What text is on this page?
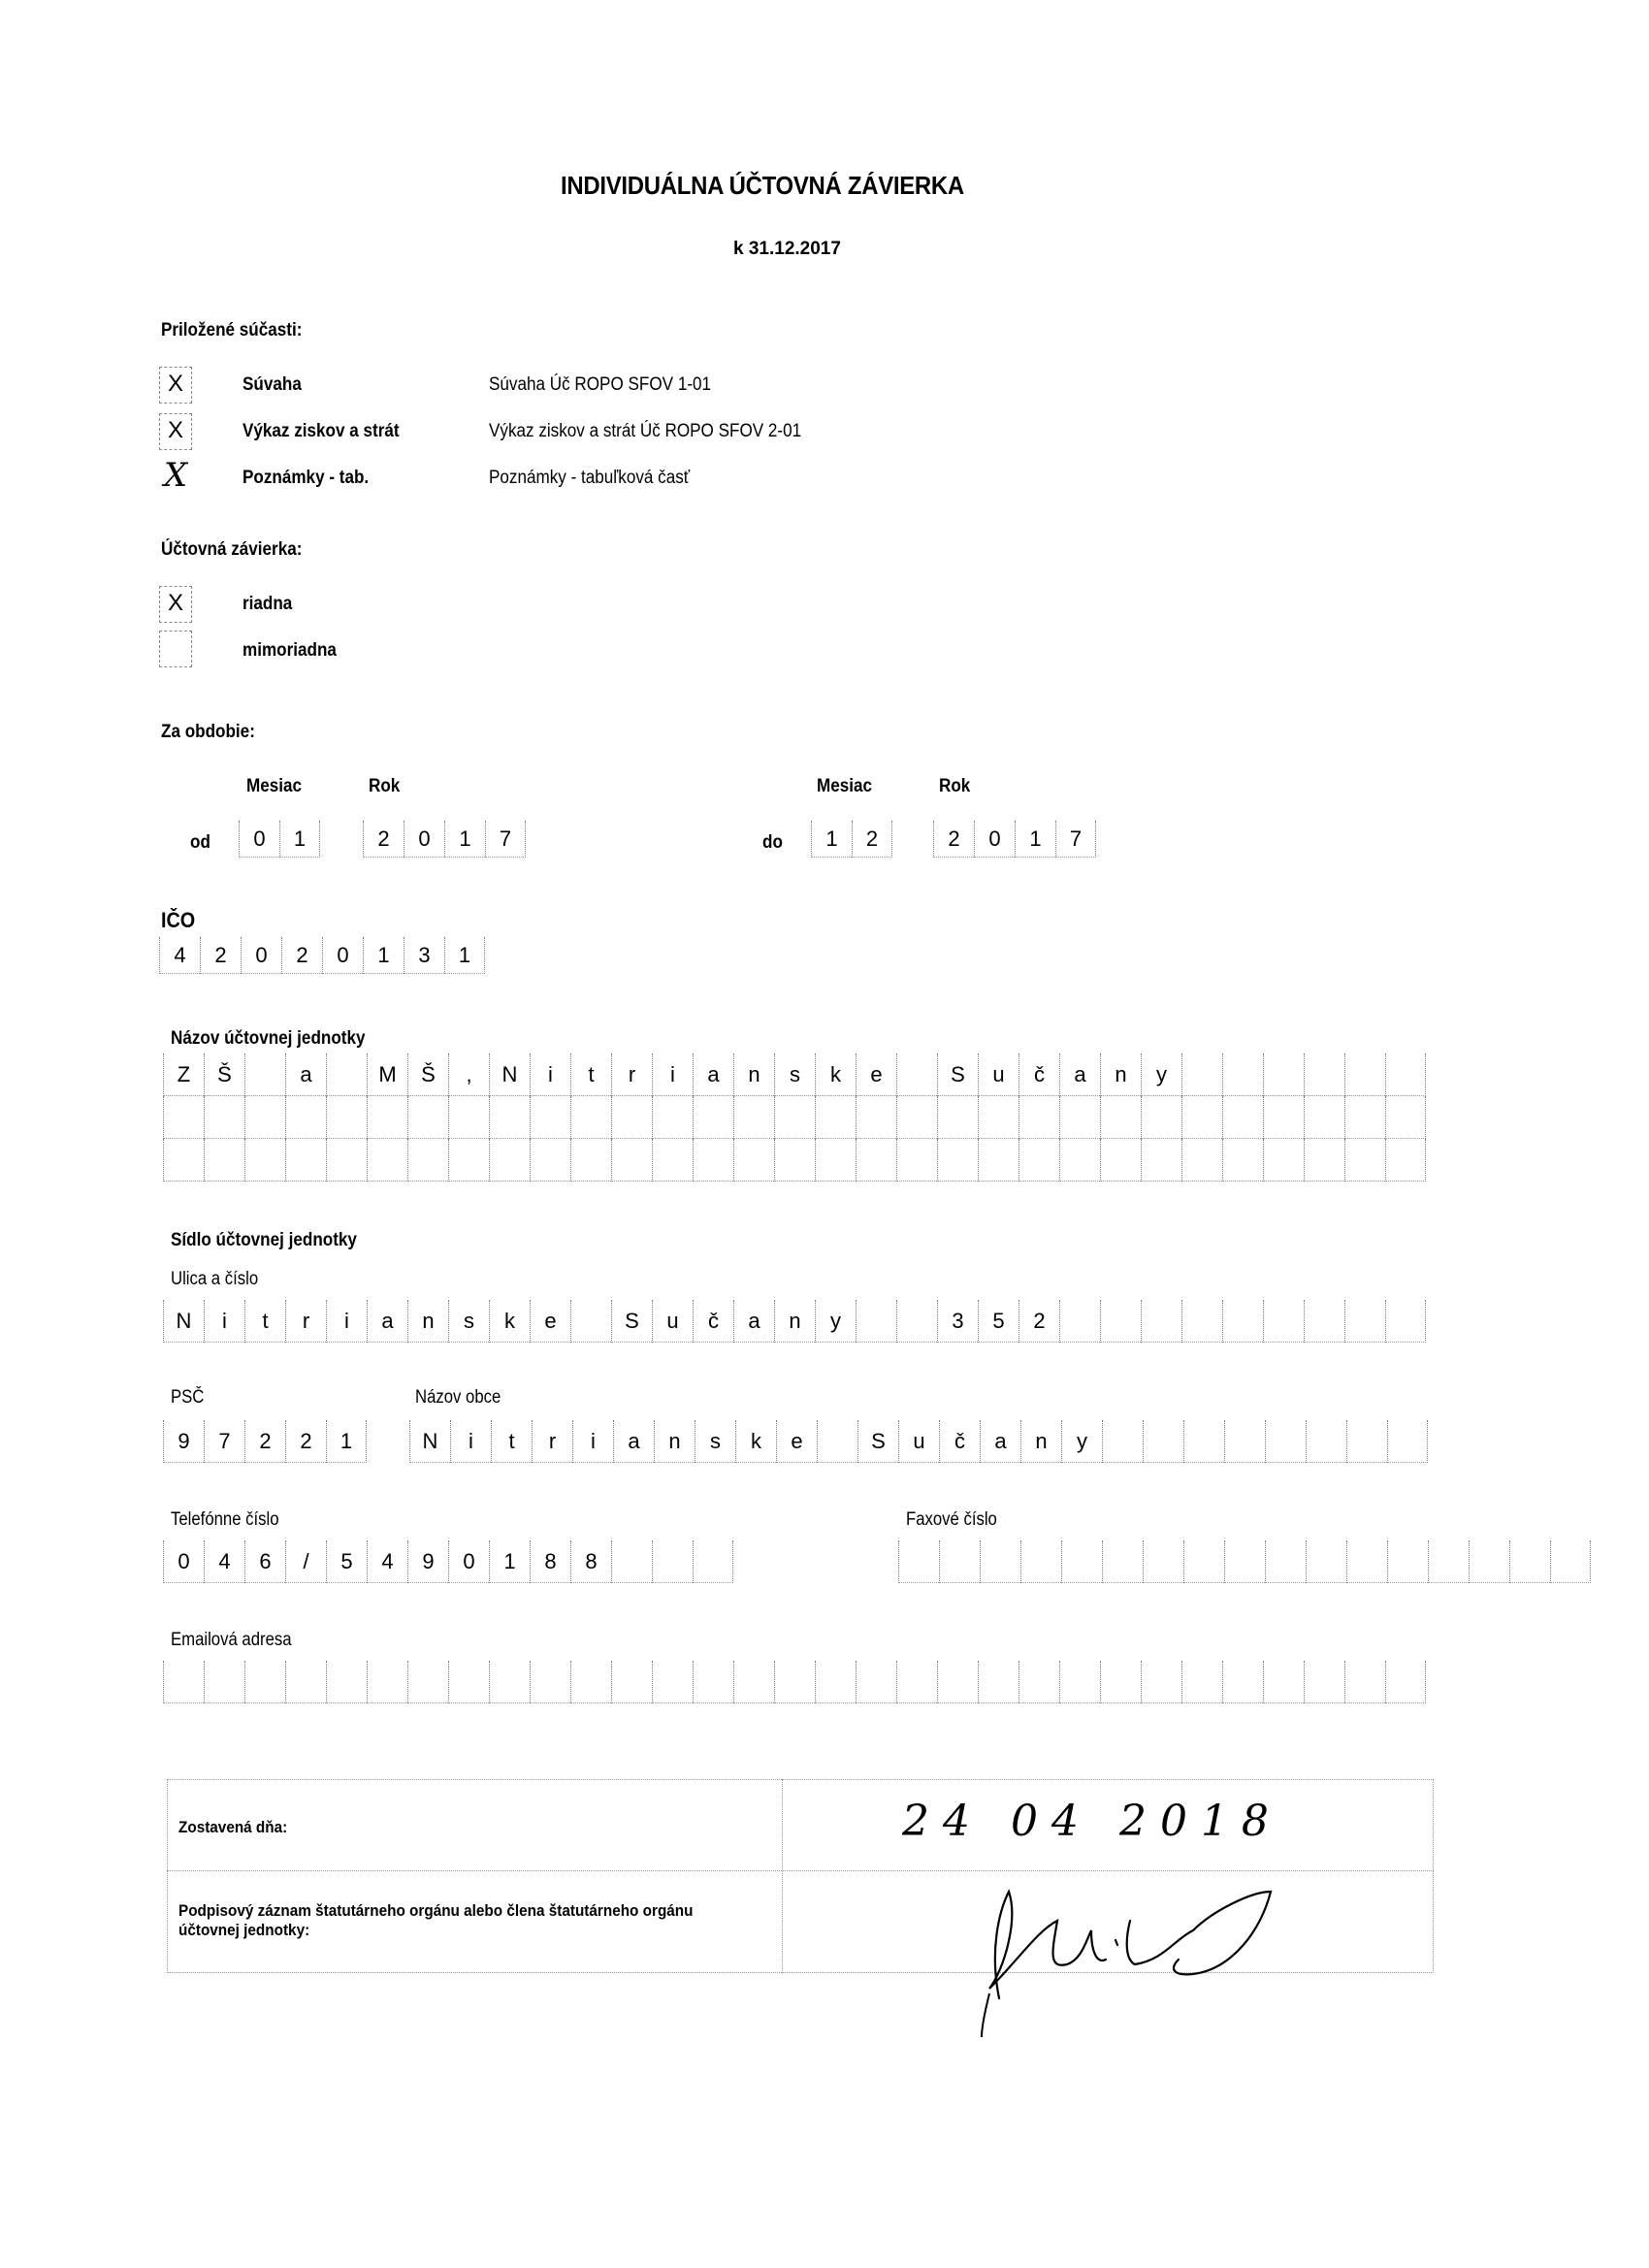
INDIVIDUÁLNA ÚČTOVNÁ ZÁVIERKA
k 31.12.2017
Priložené súčasti:
X	Súvaha	Súvaha Úč ROPO SFOV 1-01
X	Výkaz ziskov a strát	Výkaz ziskov a strát Úč ROPO SFOV 2-01
X	Poznámky - tab.	Poznámky - tabuľková časť
Účtovná závierka:
X	riadna
mimoriadna
Za obdobie:
Mesiac	Rok
od	0	1	2	0	1	7
Mesiac	Rok
do	1	2	2	0	1	7
IČO
4	2	0	2	0	1	3	1
Názov účtovnej jednotky
Z	Š	a	M	Š	,	N	i	t	r	i	a	n	s	k	e	S	u	č	a	n	y
Sídlo účtovnej jednotky
Ulica a číslo
N	i	t	r	i	a	n	s	k	e	S	u	č	a	n	y	3	5	2
PSČ
9	7	2	2	1
Názov obce
N	i	t	r	i	a	n	s	k	e	S	u	č	a	n	y
Telefónne číslo
0	4	6	/	5	4	9	0	1	8	8
Faxové číslo
Emailová adresa
Zostavená dňa:	24 04 2018
Podpisový záznam štatutárneho orgánu alebo člena štatutárneho orgánu
účtovnej jednotky:
